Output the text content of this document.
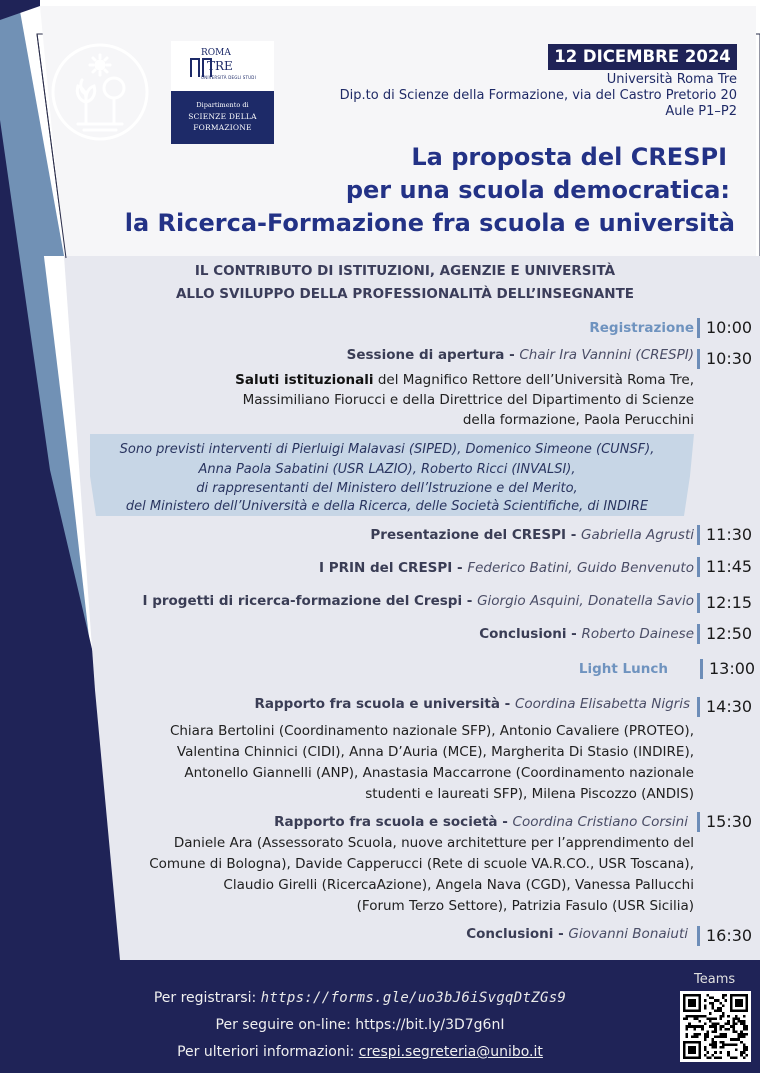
ROMA
TRE
UNIVERSITÀ DEGLI STUDI
Dipartimento di
SCIENZE DELLA
FORMAZIONE
12 DICEMBRE 2024
Università Roma Tre
Dip.to di Scienze della Formazione, via del Castro Pretorio 20
Aule P1–P2
La proposta del CRESPI
per una scuola democratica:
la Ricerca-Formazione fra scuola e università
IL CONTRIBUTO DI ISTITUZIONI, AGENZIE E UNIVERSITÀ
ALLO SVILUPPO DELLA PROFESSIONALITÀ DELL’INSEGNANTE
Registrazione 10:00
Sessione di apertura - Chair Ira Vannini (CRESPI) 10:30
Saluti istituzionali del Magnifico Rettore dell’Università Roma Tre,
Massimiliano Fiorucci e della Direttrice del Dipartimento di Scienze
della formazione, Paola Perucchini
Sono previsti interventi di Pierluigi Malavasi (SIPED), Domenico Simeone (CUNSF),
Anna Paola Sabatini (USR LAZIO), Roberto Ricci (INVALSI),
di rappresentanti del Ministero dell’Istruzione e del Merito,
del Ministero dell’Università e della Ricerca, delle Società Scientifiche, di INDIRE
Presentazione del CRESPI - Gabriella Agrusti 11:30
I PRIN del CRESPI - Federico Batini, Guido Benvenuto 11:45
I progetti di ricerca-formazione del Crespi - Giorgio Asquini, Donatella Savio 12:15
Conclusioni - Roberto Dainese 12:50
Light Lunch	13:00
Rapporto fra scuola e università - Coordina Elisabetta Nigris	14:30
Chiara Bertolini (Coordinamento nazionale SFP), Antonio Cavaliere (PROTEO),
Valentina Chinnici (CIDI), Anna D’Auria (MCE), Margherita Di Stasio (INDIRE),
Antonello Giannelli (ANP), Anastasia Maccarrone (Coordinamento nazionale
studenti e laureati SFP), Milena Piscozzo (ANDIS)
Rapporto fra scuola e società - Coordina Cristiano Corsini	15:30
Daniele Ara (Assessorato Scuola, nuove architetture per l’apprendimento del
Comune di Bologna), Davide Capperucci (Rete di scuole VA.R.CO., USR Toscana),
Claudio Girelli (RicercaAzione), Angela Nava (CGD), Vanessa Pallucchi
(Forum Terzo Settore), Patrizia Fasulo (USR Sicilia)
Conclusioni - Giovanni Bonaiuti	16:30
Per registrarsi: https://forms.gle/uo3bJ6iSvgqDtZGs9
Per seguire on-line: https://bit.ly/3D7g6nI
Per ulteriori informazioni: crespi.segreteria@unibo.it
Teams
